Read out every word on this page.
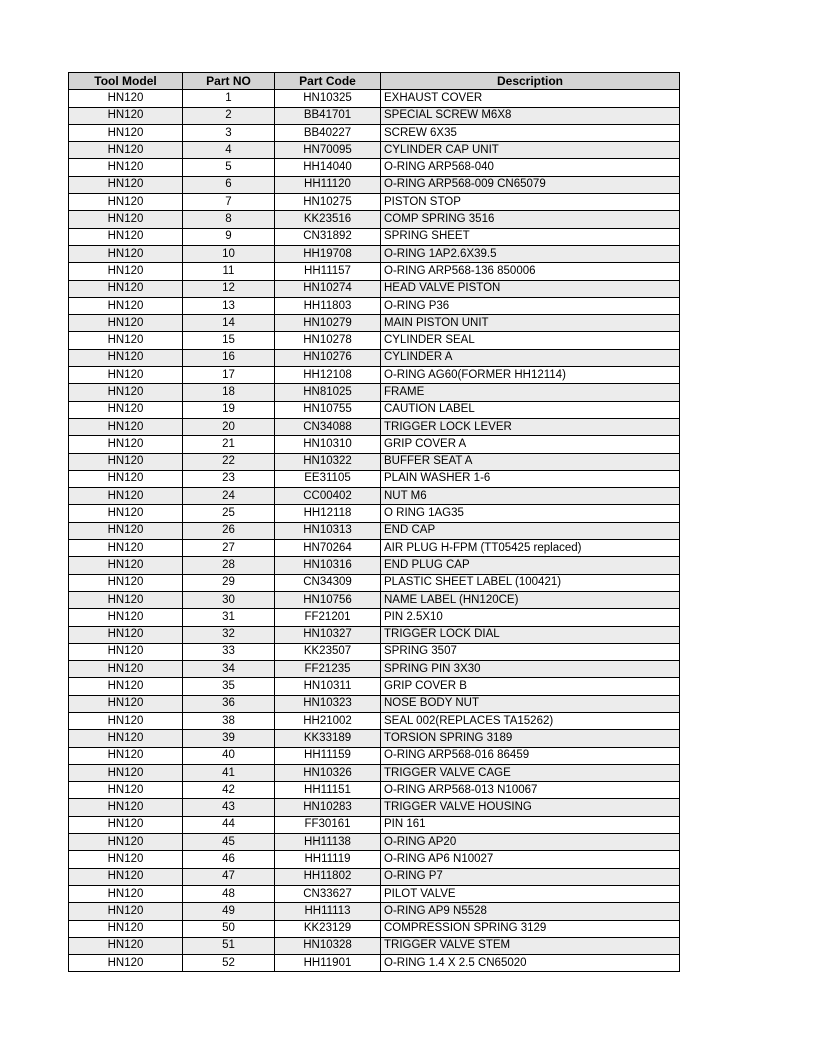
Tool Model	Part NO	Part Code	Description
HN120	1	HN10325	EXHAUST COVER
HN120	2	BB41701	SPECIAL SCREW M6X8
HN120	3	BB40227	SCREW 6X35
HN120	4	HN70095	CYLINDER CAP UNIT
HN120	5	HH14040	O-RING ARP568-040
HN120	6	HH11120	O-RING ARP568-009 CN65079
HN120	7	HN10275	PISTON STOP
HN120	8	KK23516	COMP SPRING 3516
HN120	9	CN31892	SPRING SHEET
HN120	10	HH19708	O-RING 1AP2.6X39.5
HN120	11	HH11157	O-RING ARP568-136 850006
HN120	12	HN10274	HEAD VALVE PISTON
HN120	13	HH11803	O-RING P36
HN120	14	HN10279	MAIN PISTON UNIT
HN120	15	HN10278	CYLINDER SEAL
HN120	16	HN10276	CYLINDER A
HN120	17	HH12108	O-RING AG60(FORMER HH12114)
HN120	18	HN81025	FRAME
HN120	19	HN10755	CAUTION LABEL
HN120	20	CN34088	TRIGGER LOCK LEVER
HN120	21	HN10310	GRIP COVER A
HN120	22	HN10322	BUFFER SEAT A
HN120	23	EE31105	PLAIN WASHER 1-6
HN120	24	CC00402	NUT M6
HN120	25	HH12118	O RING 1AG35
HN120	26	HN10313	END CAP
HN120	27	HN70264	AIR PLUG H-FPM (TT05425 replaced)
HN120	28	HN10316	END PLUG CAP
HN120	29	CN34309	PLASTIC SHEET LABEL (100421)
HN120	30	HN10756	NAME LABEL (HN120CE)
HN120	31	FF21201	PIN 2.5X10
HN120	32	HN10327	TRIGGER LOCK DIAL
HN120	33	KK23507	SPRING 3507
HN120	34	FF21235	SPRING PIN 3X30
HN120	35	HN10311	GRIP COVER B
HN120	36	HN10323	NOSE BODY NUT
HN120	38	HH21002	SEAL 002(REPLACES TA15262)
HN120	39	KK33189	TORSION SPRING 3189
HN120	40	HH11159	O-RING ARP568-016 86459
HN120	41	HN10326	TRIGGER VALVE CAGE
HN120	42	HH11151	O-RING ARP568-013 N10067
HN120	43	HN10283	TRIGGER VALVE HOUSING
HN120	44	FF30161	PIN 161
HN120	45	HH11138	O-RING AP20
HN120	46	HH11119	O-RING AP6 N10027
HN120	47	HH11802	O-RING P7
HN120	48	CN33627	PILOT VALVE
HN120	49	HH11113	O-RING AP9 N5528
HN120	50	KK23129	COMPRESSION SPRING 3129
HN120	51	HN10328	TRIGGER VALVE STEM
HN120	52	HH11901	O-RING 1.4 X 2.5 CN65020
